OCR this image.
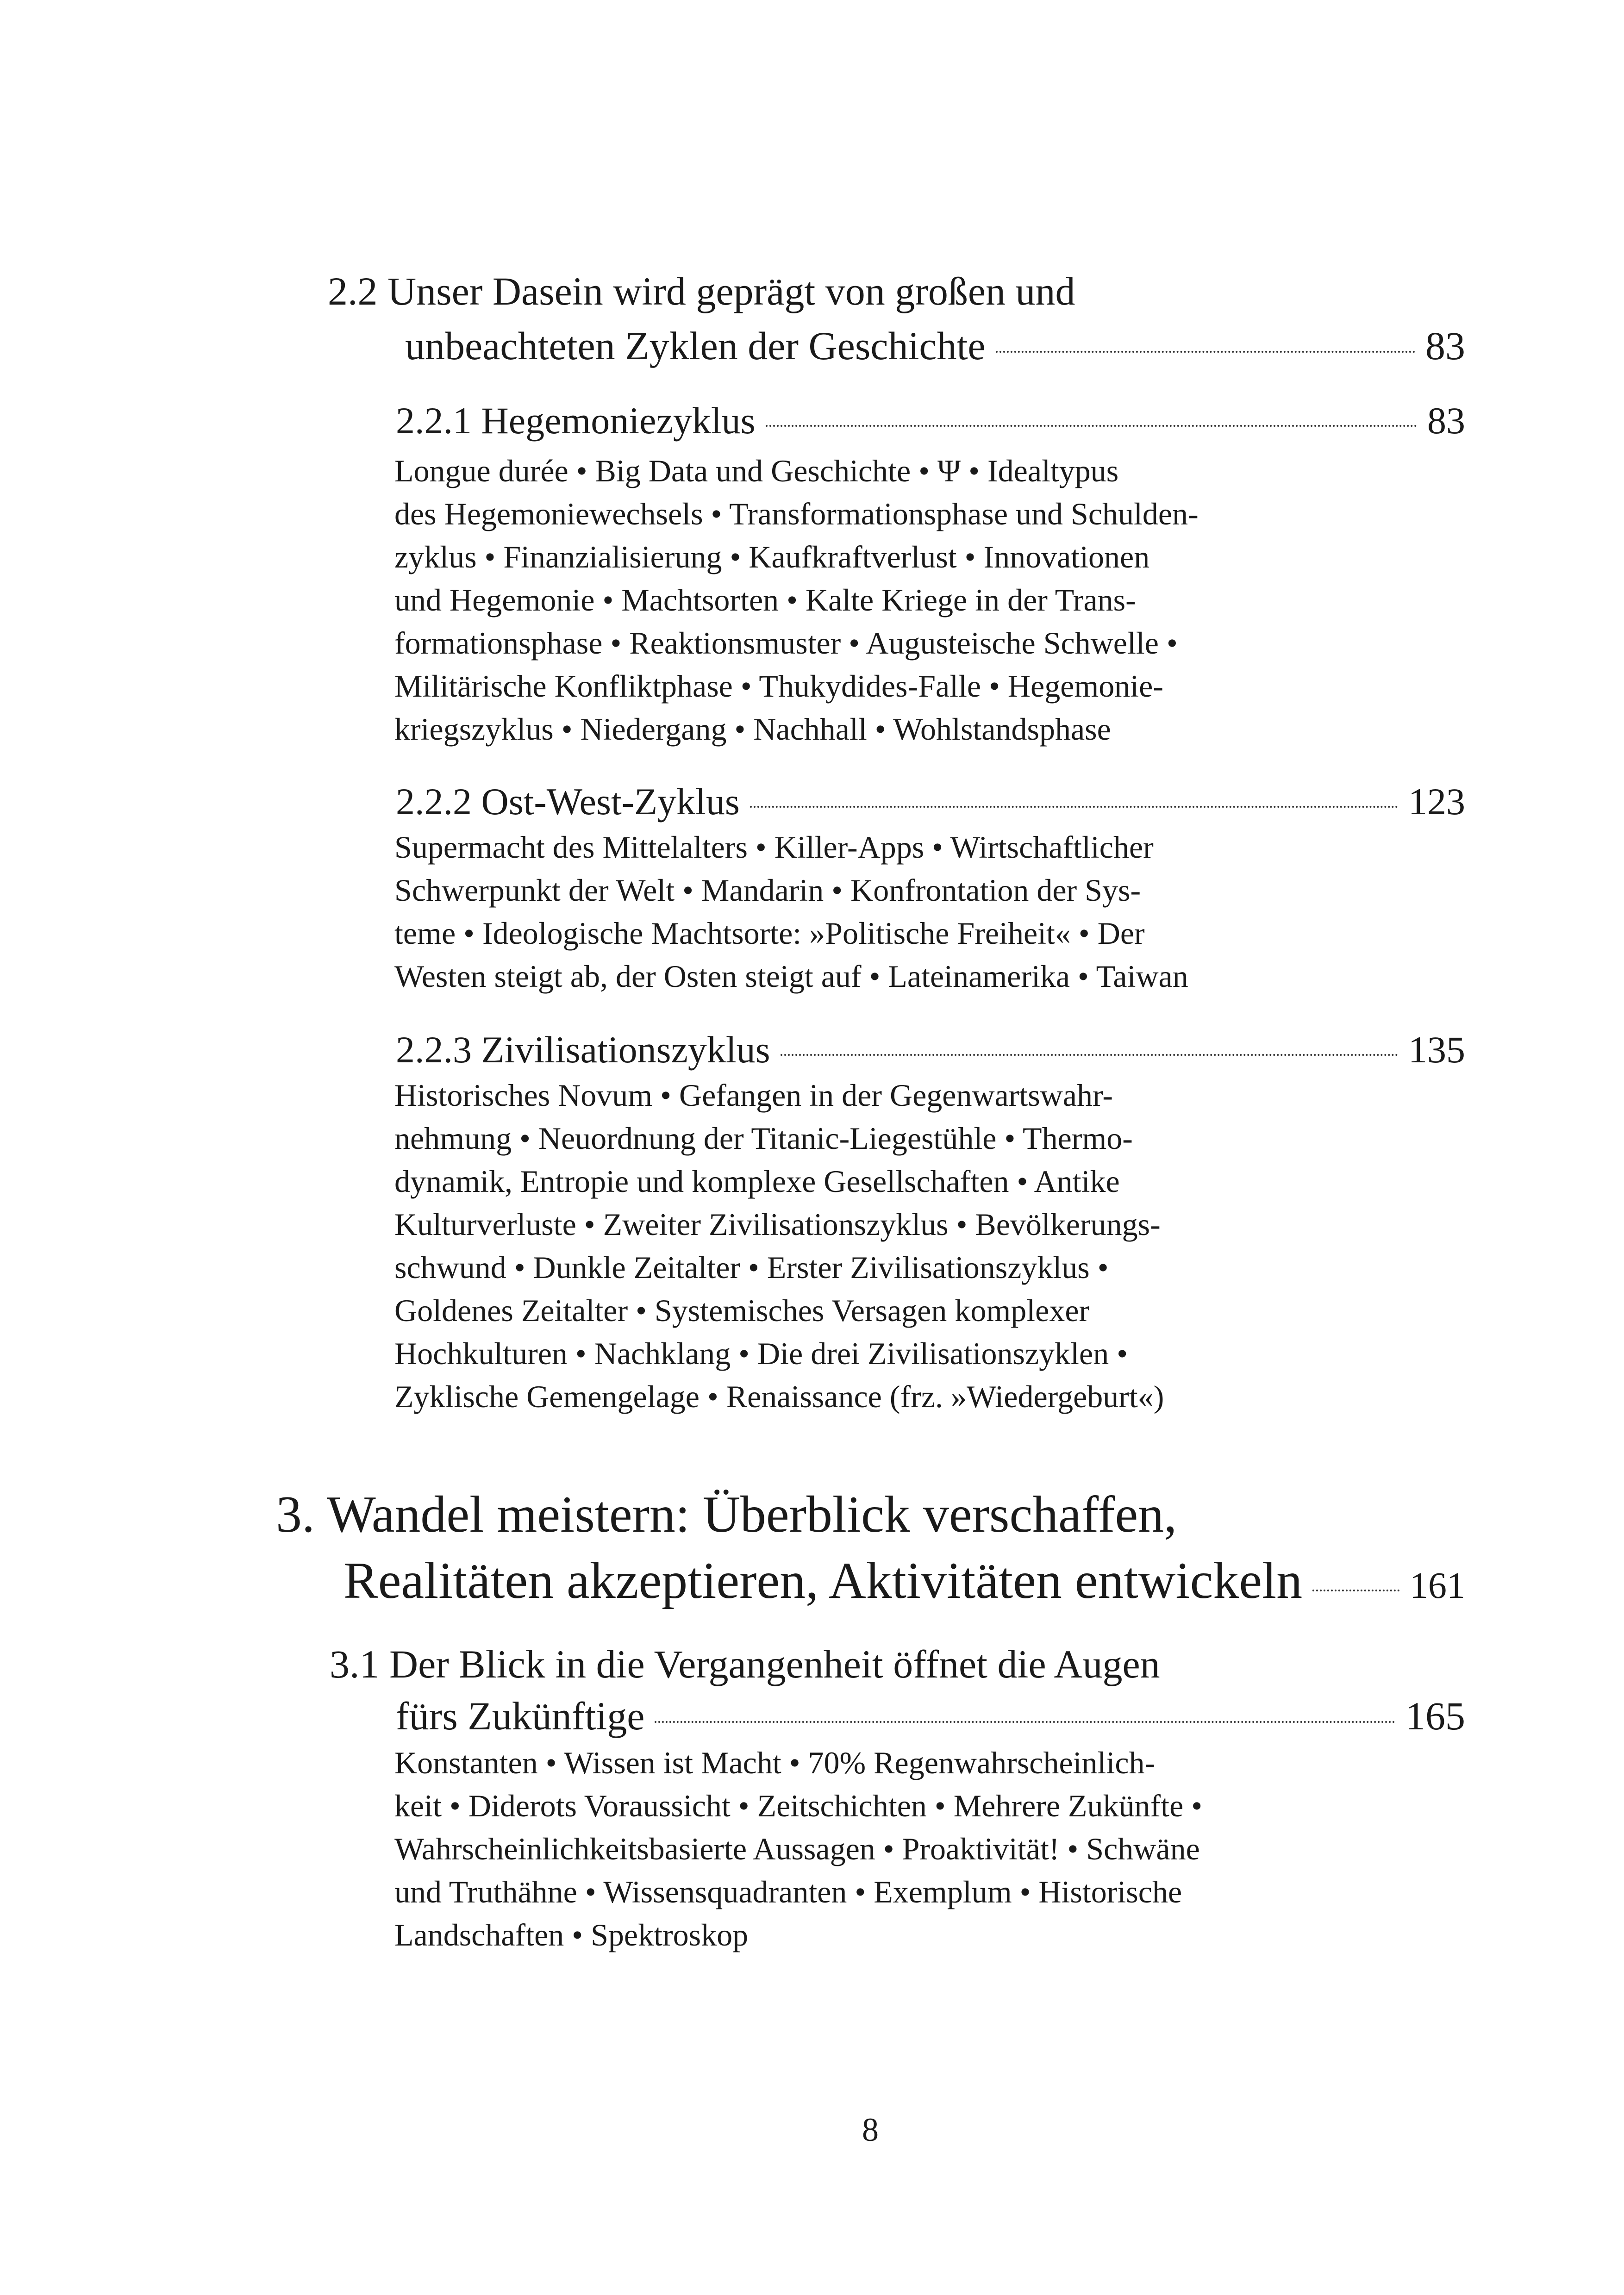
2.2 Unser Dasein wird geprägt von großen und
unbeachteten Zyklen der Geschichte	83
2.2.1 Hegemoniezyklus	83
Longue durée • Big Data und Geschichte • Ψ • Idealtypus
des Hegemoniewechsels • Transformationsphase und Schulden-
zyklus • Finanzialisierung • Kaufkraftverlust • Innovationen
und Hegemonie • Machtsorten • Kalte Kriege in der Trans-
formationsphase • Reaktionsmuster • Augusteische Schwelle •
Militärische Konfliktphase • Thukydides-Falle • Hegemonie-
kriegszyklus • Niedergang • Nachhall • Wohlstandsphase
2.2.2 Ost-West-Zyklus	123
Supermacht des Mittelalters • Killer-Apps • Wirtschaftlicher
Schwerpunkt der Welt • Mandarin • Konfrontation der Sys-
teme • Ideologische Machtsorte: »Politische Freiheit« • Der
Westen steigt ab, der Osten steigt auf • Lateinamerika • Taiwan
2.2.3 Zivilisationszyklus	135
Historisches Novum • Gefangen in der Gegenwartswahr-
nehmung • Neuordnung der Titanic-Liegestühle • Thermo-
dynamik, Entropie und komplexe Gesellschaften • Antike
Kulturverluste • Zweiter Zivilisationszyklus • Bevölkerungs-
schwund • Dunkle Zeitalter • Erster Zivilisationszyklus •
Goldenes Zeitalter • Systemisches Versagen komplexer
Hochkulturen • Nachklang • Die drei Zivilisationszyklen •
Zyklische Gemengelage • Renaissance (frz. »Wiedergeburt«)
3. Wandel meistern: Überblick verschaffen,
Realitäten akzeptieren, Aktivitäten entwickeln	161
3.1 Der Blick in die Vergangenheit öffnet die Augen
fürs Zukünftige	165
Konstanten • Wissen ist Macht • 70% Regenwahrscheinlich-
keit • Diderots Voraussicht • Zeitschichten • Mehrere Zukünfte •
Wahrscheinlichkeitsbasierte Aussagen • Proaktivität! • Schwäne
und Truthähne • Wissensquadranten • Exemplum • Historische
Landschaften • Spektroskop
8
